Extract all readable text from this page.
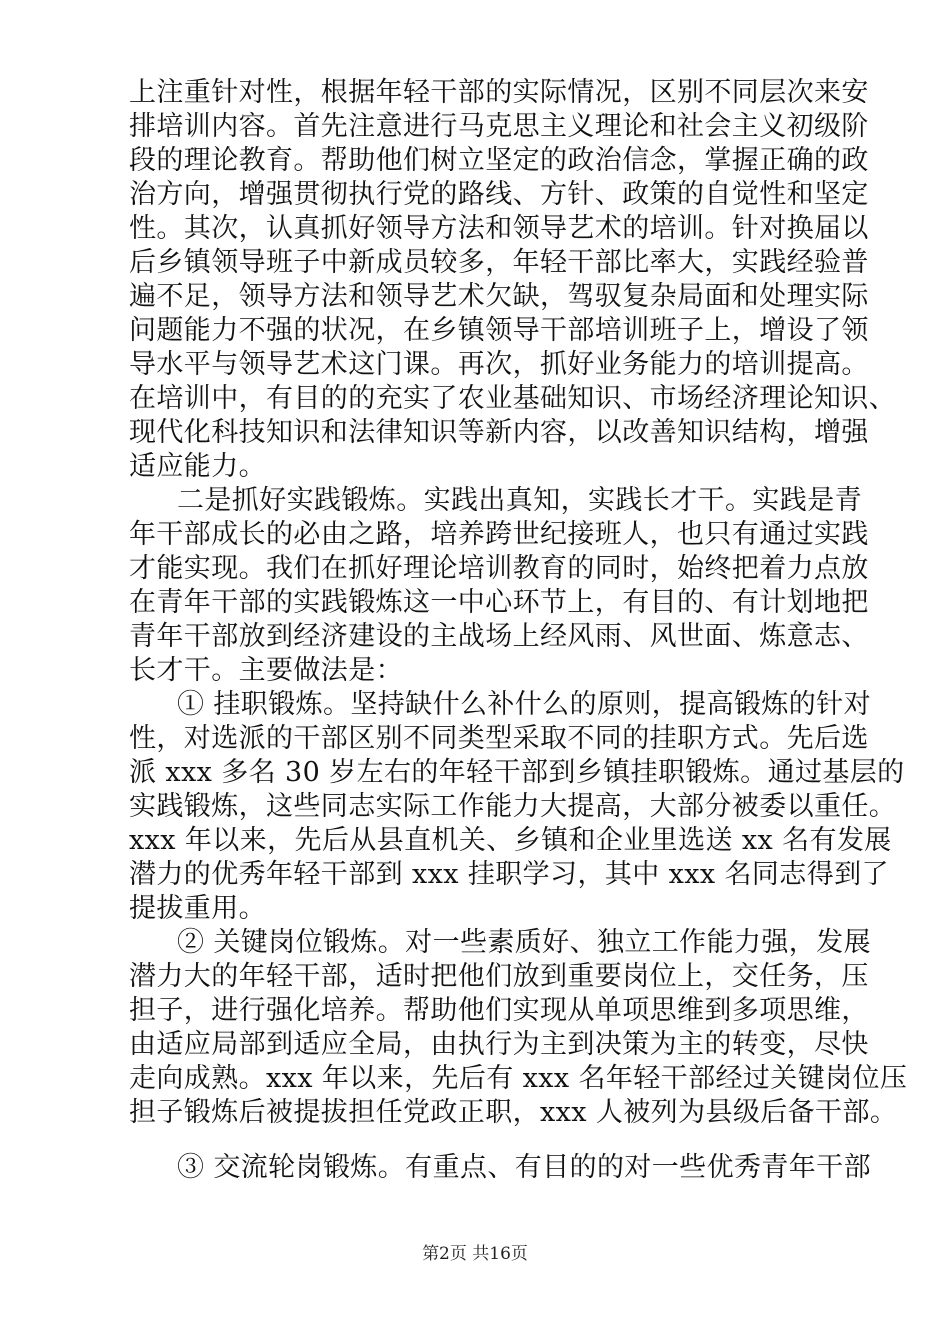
上注重针对性，根据年轻干部的实际情况，区别不同层次来安
排培训内容。首先注意进行马克思主义理论和社会主义初级阶
段的理论教育。帮助他们树立坚定的政治信念，掌握正确的政
治方向，增强贯彻执行党的路线、方针、政策的自觉性和坚定
性。其次，认真抓好领导方法和领导艺术的培训。针对换届以
后乡镇领导班子中新成员较多，年轻干部比率大，实践经验普
遍不足，领导方法和领导艺术欠缺，驾驭复杂局面和处理实际
问题能力不强的状况，在乡镇领导干部培训班子上，增设了领
导水平与领导艺术这门课。再次，抓好业务能力的培训提高。
在培训中，有目的的充实了农业基础知识、市场经济理论知识、
现代化科技知识和法律知识等新内容，以改善知识结构，增强
适应能力。
二是抓好实践锻炼。实践出真知，实践长才干。实践是青
年干部成长的必由之路，培养跨世纪接班人，也只有通过实践
才能实现。我们在抓好理论培训教育的同时，始终把着力点放
在青年干部的实践锻炼这一中心环节上，有目的、有计划地把
青年干部放到经济建设的主战场上经风雨、风世面、炼意志、
长才干。主要做法是：
① 挂职锻炼。坚持缺什么补什么的原则，提高锻炼的针对
性，对选派的干部区别不同类型采取不同的挂职方式。先后选
派 xxx 多名 30 岁左右的年轻干部到乡镇挂职锻炼。通过基层的
实践锻炼，这些同志实际工作能力大提高，大部分被委以重任。
xxx 年以来，先后从县直机关、乡镇和企业里选送 xx 名有发展
潜力的优秀年轻干部到 xxx 挂职学习，其中 xxx 名同志得到了
提拔重用。
② 关键岗位锻炼。对一些素质好、独立工作能力强，发展
潜力大的年轻干部，适时把他们放到重要岗位上，交任务，压
担子，进行强化培养。帮助他们实现从单项思维到多项思维，
由适应局部到适应全局，由执行为主到决策为主的转变，尽快
走向成熟。xxx 年以来，先后有 xxx 名年轻干部经过关键岗位压
担子锻炼后被提拔担任党政正职，xxx 人被列为县级后备干部。
③ 交流轮岗锻炼。有重点、有目的的对一些优秀青年干部
第2页 共16页
